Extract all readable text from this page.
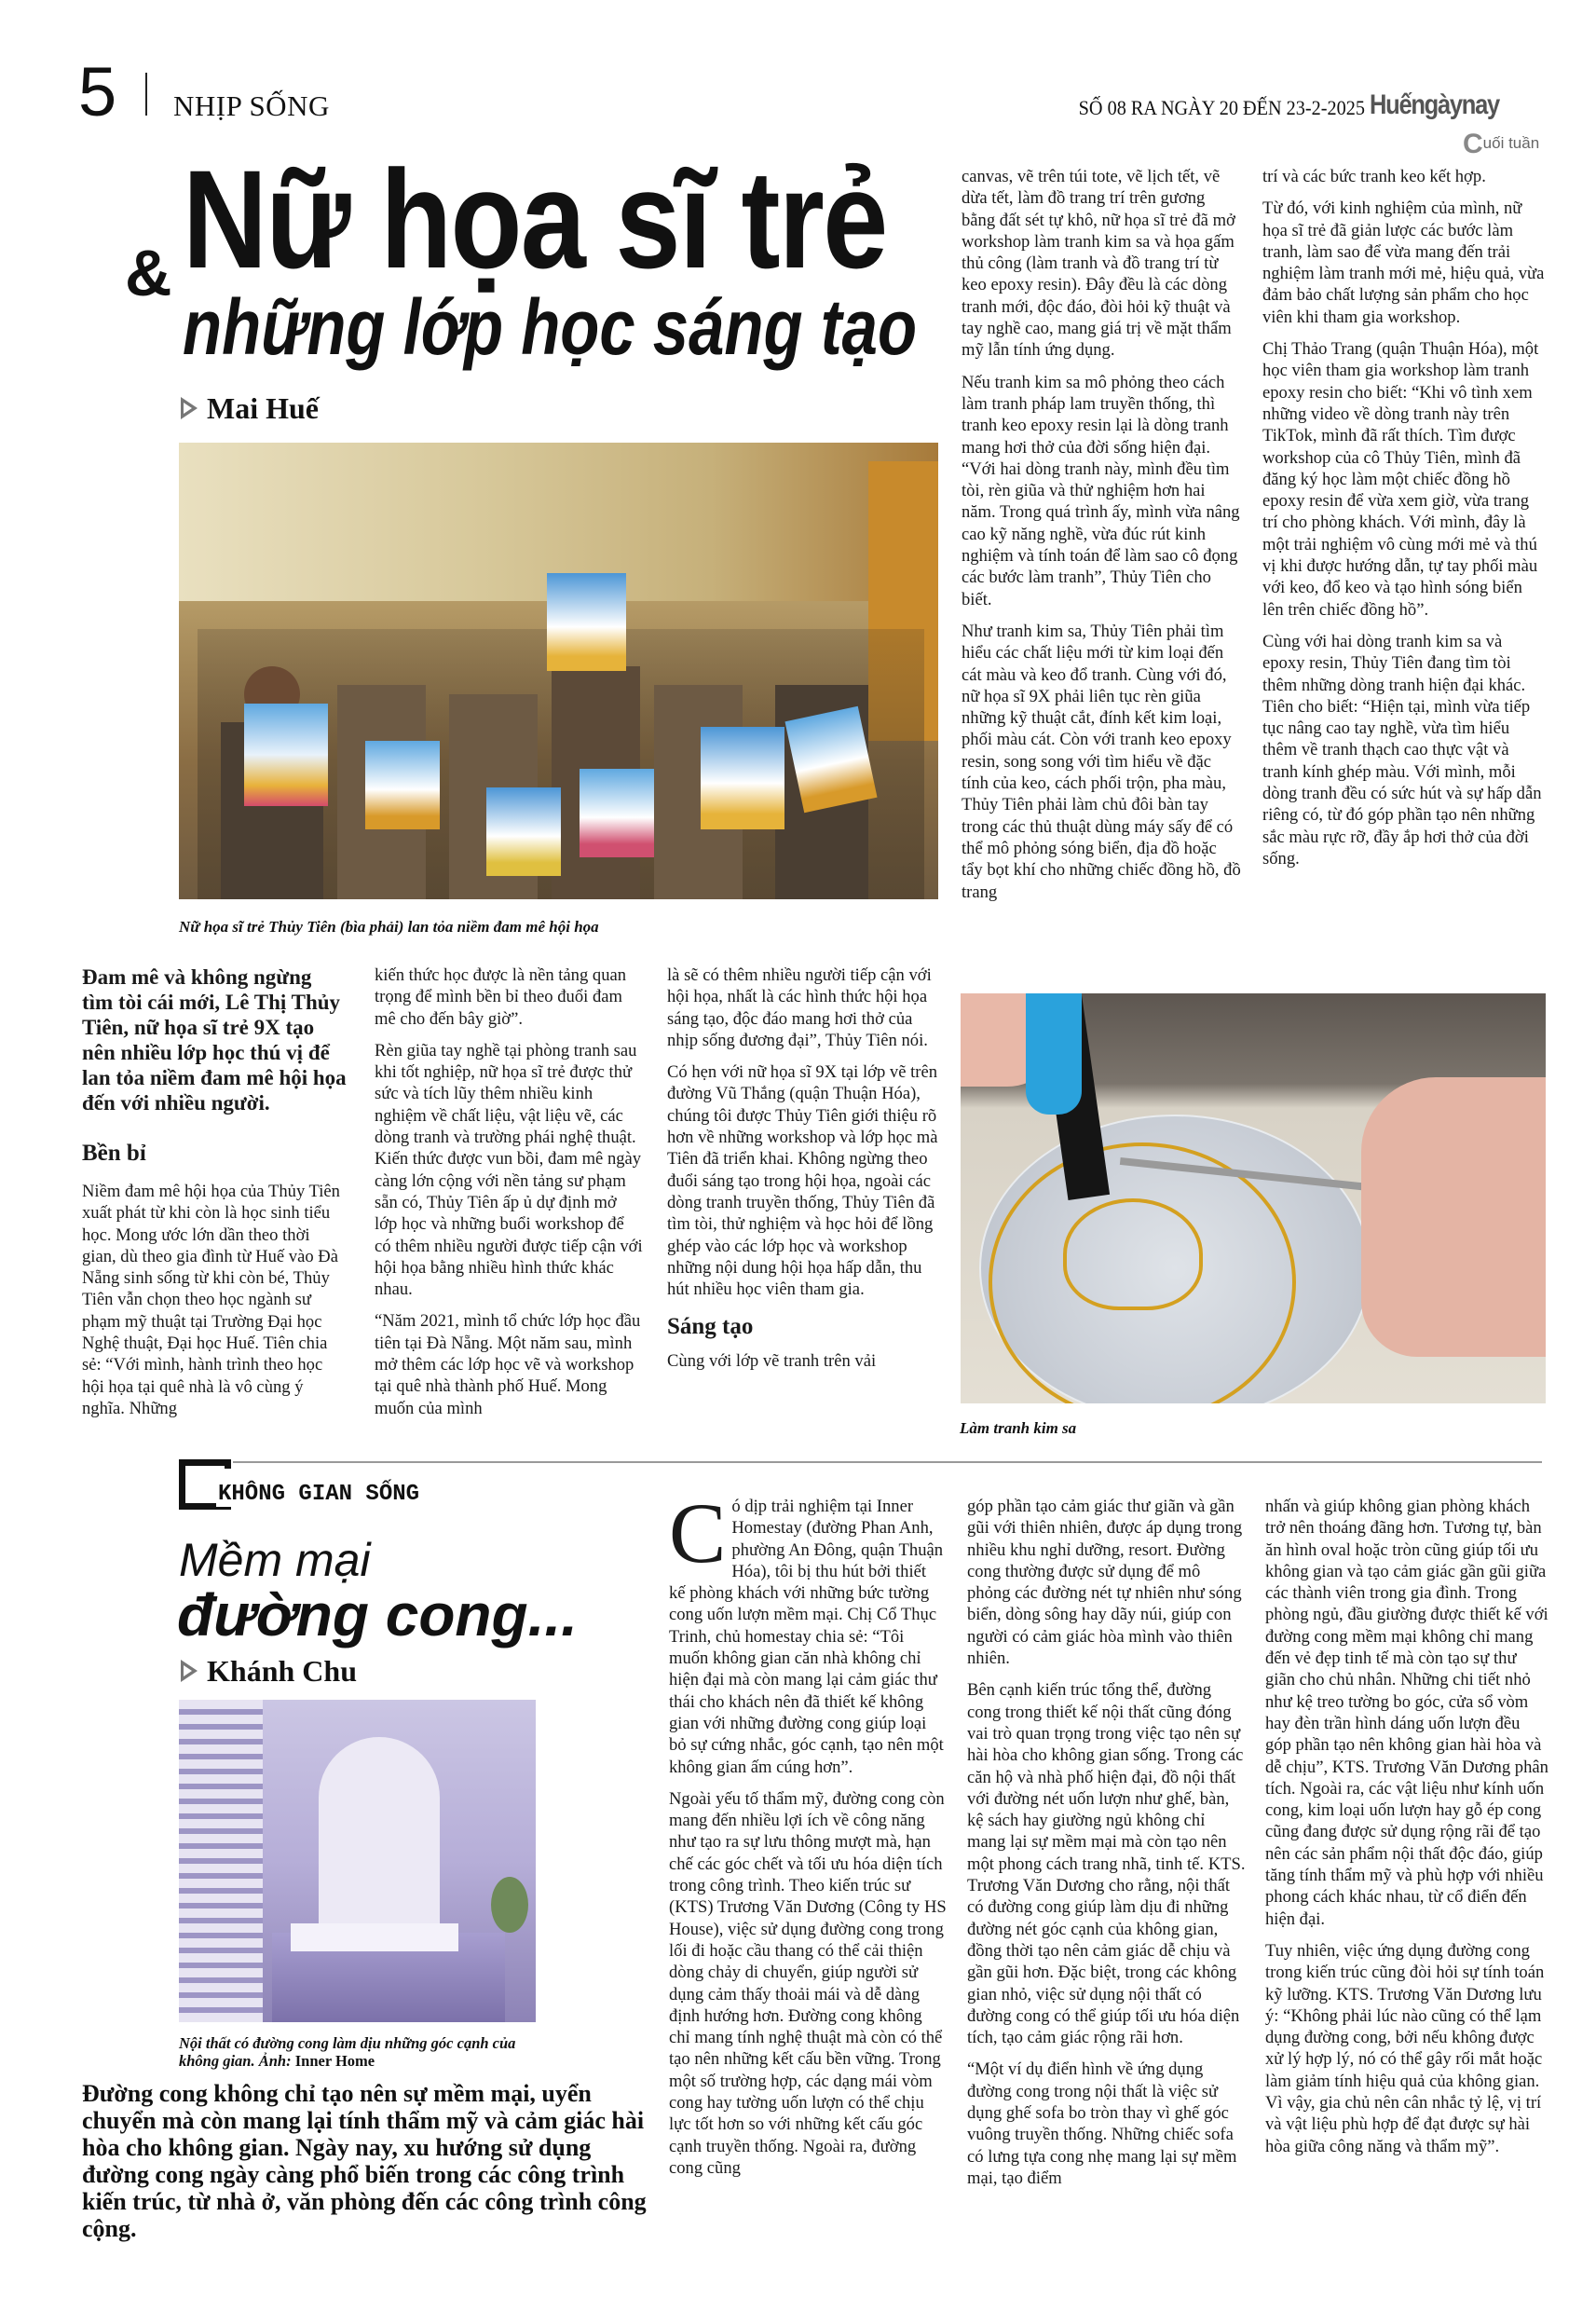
5 NHỊP SỐNG	SỐ 08 RA NGÀY 20 ĐẾN 23-2-2025 Huếngàynay
Cuối tuần
& Nữ họa sĩ trẻ
những lớp học sáng tạo
Mai Huế
Nữ họa sĩ trẻ Thủy Tiên (bìa phải) lan tỏa niềm đam mê hội họa

canvas, vẽ trên túi tote, vẽ lịch tết, vẽ dừa tết, làm đồ trang trí trên gương bằng đất sét tự khô, nữ họa sĩ trẻ đã mở workshop làm tranh kim sa và họa gấm thủ công (làm tranh và đồ trang trí từ keo epoxy resin). Đây đều là các dòng tranh mới, độc đáo, đòi hỏi kỹ thuật và tay nghề cao, mang giá trị về mặt thẩm mỹ lẫn tính ứng dụng.

Nếu tranh kim sa mô phỏng theo cách làm tranh pháp lam truyền thống, thì tranh keo epoxy resin lại là dòng tranh mang hơi thở của đời sống hiện đại. “Với hai dòng tranh này, mình đều tìm tòi, rèn giũa và thử nghiệm hơn hai năm. Trong quá trình ấy, mình vừa nâng cao kỹ năng nghề, vừa đúc rút kinh nghiệm và tính toán để làm sao cô đọng các bước làm tranh”, Thủy Tiên cho biết.

Như tranh kim sa, Thủy Tiên phải tìm hiểu các chất liệu mới từ kim loại đến cát màu và keo đổ tranh. Cùng với đó, nữ họa sĩ 9X phải liên tục rèn giũa những kỹ thuật cắt, đính kết kim loại, phối màu cát. Còn với tranh keo epoxy resin, song song với tìm hiểu về đặc tính của keo, cách phối trộn, pha màu, Thủy Tiên phải làm chủ đôi bàn tay trong các thủ thuật dùng máy sấy để có thể mô phỏng sóng biển, địa đồ hoặc tẩy bọt khí cho những chiếc đồng hồ, đồ trang

trí và các bức tranh keo kết hợp.

Từ đó, với kinh nghiệm của mình, nữ họa sĩ trẻ đã giản lược các bước làm tranh, làm sao để vừa mang đến trải nghiệm làm tranh mới mẻ, hiệu quả, vừa đảm bảo chất lượng sản phẩm cho học viên khi tham gia workshop.

Chị Thảo Trang (quận Thuận Hóa), một học viên tham gia workshop làm tranh epoxy resin cho biết: “Khi vô tình xem những video về dòng tranh này trên TikTok, mình đã rất thích. Tìm được workshop của cô Thủy Tiên, mình đã đăng ký học làm một chiếc đồng hồ epoxy resin để vừa xem giờ, vừa trang trí cho phòng khách. Với mình, đây là một trải nghiệm vô cùng mới mẻ và thú vị khi được hướng dẫn, tự tay phối màu với keo, đổ keo và tạo hình sóng biển lên trên chiếc đồng hồ”.

Cùng với hai dòng tranh kim sa và epoxy resin, Thủy Tiên đang tìm tòi thêm những dòng tranh hiện đại khác. Tiên cho biết: “Hiện tại, mình vừa tiếp tục nâng cao tay nghề, vừa tìm hiểu thêm về tranh thạch cao thực vật và tranh kính ghép màu. Với mình, mỗi dòng tranh đều có sức hút và sự hấp dẫn riêng có, từ đó góp phần tạo nên những sắc màu rực rỡ, đầy ắp hơi thở của đời sống.

Đam mê và không ngừng tìm tòi cái mới, Lê Thị Thủy Tiên, nữ họa sĩ trẻ 9X tạo nên nhiều lớp học thú vị để lan tỏa niềm đam mê hội họa đến với nhiều người.
Bền bỉ

Niềm đam mê hội họa của Thủy Tiên xuất phát từ khi còn là học sinh tiểu học. Mong ước lớn dần theo thời gian, dù theo gia đình từ Huế vào Đà Nẵng sinh sống từ khi còn bé, Thủy Tiên vẫn chọn theo học ngành sư phạm mỹ thuật tại Trường Đại học Nghệ thuật, Đại học Huế. Tiên chia sẻ: “Với mình, hành trình theo học hội họa tại quê nhà là vô cùng ý nghĩa. Những

kiến thức học được là nền tảng quan trọng để mình bền bỉ theo đuổi đam mê cho đến bây giờ”.

Rèn giũa tay nghề tại phòng tranh sau khi tốt nghiệp, nữ họa sĩ trẻ được thử sức và tích lũy thêm nhiều kinh nghiệm về chất liệu, vật liệu vẽ, các dòng tranh và trường phái nghệ thuật. Kiến thức được vun bồi, đam mê ngày càng lớn cộng với nền tảng sư phạm sẵn có, Thủy Tiên ấp ủ dự định mở lớp học và những buổi workshop để có thêm nhiều người được tiếp cận với hội họa bằng nhiều hình thức khác nhau.

“Năm 2021, mình tổ chức lớp học đầu tiên tại Đà Nẵng. Một năm sau, mình mở thêm các lớp học vẽ và workshop tại quê nhà thành phố Huế. Mong muốn của mình

là sẽ có thêm nhiều người tiếp cận với hội họa, nhất là các hình thức hội họa sáng tạo, độc đáo mang hơi thở của nhịp sống đương đại”, Thủy Tiên nói.

Có hẹn với nữ họa sĩ 9X tại lớp vẽ trên đường Vũ Thắng (quận Thuận Hóa), chúng tôi được Thủy Tiên giới thiệu rõ hơn về những workshop và lớp học mà Tiên đã triển khai. Không ngừng theo đuổi sáng tạo trong hội họa, ngoài các dòng tranh truyền thống, Thủy Tiên đã tìm tòi, thử nghiệm và học hỏi để lồng ghép vào các lớp học và workshop những nội dung hội họa hấp dẫn, thu hút nhiều học viên tham gia.

Sáng tạo

Cùng với lớp vẽ tranh trên vải

Làm tranh kim sa
KHÔNG GIAN SỐNG
Mềm mại
đường cong...
Khánh Chu
Nội thất có đường cong làm dịu những góc cạnh của không gian. Ảnh: Inner Home
Đường cong không chỉ tạo nên sự mềm mại, uyển chuyển mà còn mang lại tính thẩm mỹ và cảm giác hài hòa cho không gian. Ngày nay, xu hướng sử dụng đường cong ngày càng phổ biến trong các công trình kiến trúc, từ nhà ở, văn phòng đến các công trình công cộng.

Có dịp trải nghiệm tại Inner Homestay (đường Phan Anh, phường An Đông, quận Thuận Hóa), tôi bị thu hút bởi thiết kế phòng khách với những bức tường cong uốn lượn mềm mại. Chị Cổ Thục Trinh, chủ homestay chia sẻ: “Tôi muốn không gian căn nhà không chỉ hiện đại mà còn mang lại cảm giác thư thái cho khách nên đã thiết kế không gian với những đường cong giúp loại bỏ sự cứng nhắc, góc cạnh, tạo nên một không gian ấm cúng hơn”.

Ngoài yếu tố thẩm mỹ, đường cong còn mang đến nhiều lợi ích về công năng như tạo ra sự lưu thông mượt mà, hạn chế các góc chết và tối ưu hóa diện tích trong công trình. Theo kiến trúc sư (KTS) Trương Văn Dương (Công ty HS House), việc sử dụng đường cong trong lối đi hoặc cầu thang có thể cải thiện dòng chảy di chuyển, giúp người sử dụng cảm thấy thoải mái và dễ dàng định hướng hơn. Đường cong không chỉ mang tính nghệ thuật mà còn có thể tạo nên những kết cấu bền vững. Trong một số trường hợp, các dạng mái vòm cong hay tường uốn lượn có thể chịu lực tốt hơn so với những kết cấu góc cạnh truyền thống. Ngoài ra, đường cong cũng

góp phần tạo cảm giác thư giãn và gần gũi với thiên nhiên, được áp dụng trong nhiều khu nghỉ dưỡng, resort. Đường cong thường được sử dụng để mô phỏng các đường nét tự nhiên như sóng biển, dòng sông hay dãy núi, giúp con người có cảm giác hòa mình vào thiên nhiên.

Bên cạnh kiến trúc tổng thể, đường cong trong thiết kế nội thất cũng đóng vai trò quan trọng trong việc tạo nên sự hài hòa cho không gian sống. Trong các căn hộ và nhà phố hiện đại, đồ nội thất với đường nét uốn lượn như ghế, bàn, kệ sách hay giường ngủ không chỉ mang lại sự mềm mại mà còn tạo nên một phong cách trang nhã, tinh tế. KTS. Trương Văn Dương cho rằng, nội thất có đường cong giúp làm dịu đi những đường nét góc cạnh của không gian, đồng thời tạo nên cảm giác dễ chịu và gần gũi hơn. Đặc biệt, trong các không gian nhỏ, việc sử dụng nội thất có đường cong có thể giúp tối ưu hóa diện tích, tạo cảm giác rộng rãi hơn.

“Một ví dụ điển hình về ứng dụng đường cong trong nội thất là việc sử dụng ghế sofa bo tròn thay vì ghế góc vuông truyền thống. Những chiếc sofa có lưng tựa cong nhẹ mang lại sự mềm mại, tạo điểm

nhấn và giúp không gian phòng khách trở nên thoáng đãng hơn. Tương tự, bàn ăn hình oval hoặc tròn cũng giúp tối ưu không gian và tạo cảm giác gần gũi giữa các thành viên trong gia đình. Trong phòng ngủ, đầu giường được thiết kế với đường cong mềm mại không chỉ mang đến vẻ đẹp tinh tế mà còn tạo sự thư giãn cho chủ nhân. Những chi tiết nhỏ như kệ treo tường bo góc, cửa sổ vòm hay đèn trần hình dáng uốn lượn đều góp phần tạo nên không gian hài hòa và dễ chịu”, KTS. Trương Văn Dương phân tích. Ngoài ra, các vật liệu như kính uốn cong, kim loại uốn lượn hay gỗ ép cong cũng đang được sử dụng rộng rãi để tạo nên các sản phẩm nội thất độc đáo, giúp tăng tính thẩm mỹ và phù hợp với nhiều phong cách khác nhau, từ cổ điển đến hiện đại.

Tuy nhiên, việc ứng dụng đường cong trong kiến trúc cũng đòi hỏi sự tính toán kỹ lưỡng. KTS. Trương Văn Dương lưu ý: “Không phải lúc nào cũng có thể lạm dụng đường cong, bởi nếu không được xử lý hợp lý, nó có thể gây rối mắt hoặc làm giảm tính hiệu quả của không gian. Vì vậy, gia chủ nên cân nhắc tỷ lệ, vị trí và vật liệu phù hợp để đạt được sự hài hòa giữa công năng và thẩm mỹ”.
